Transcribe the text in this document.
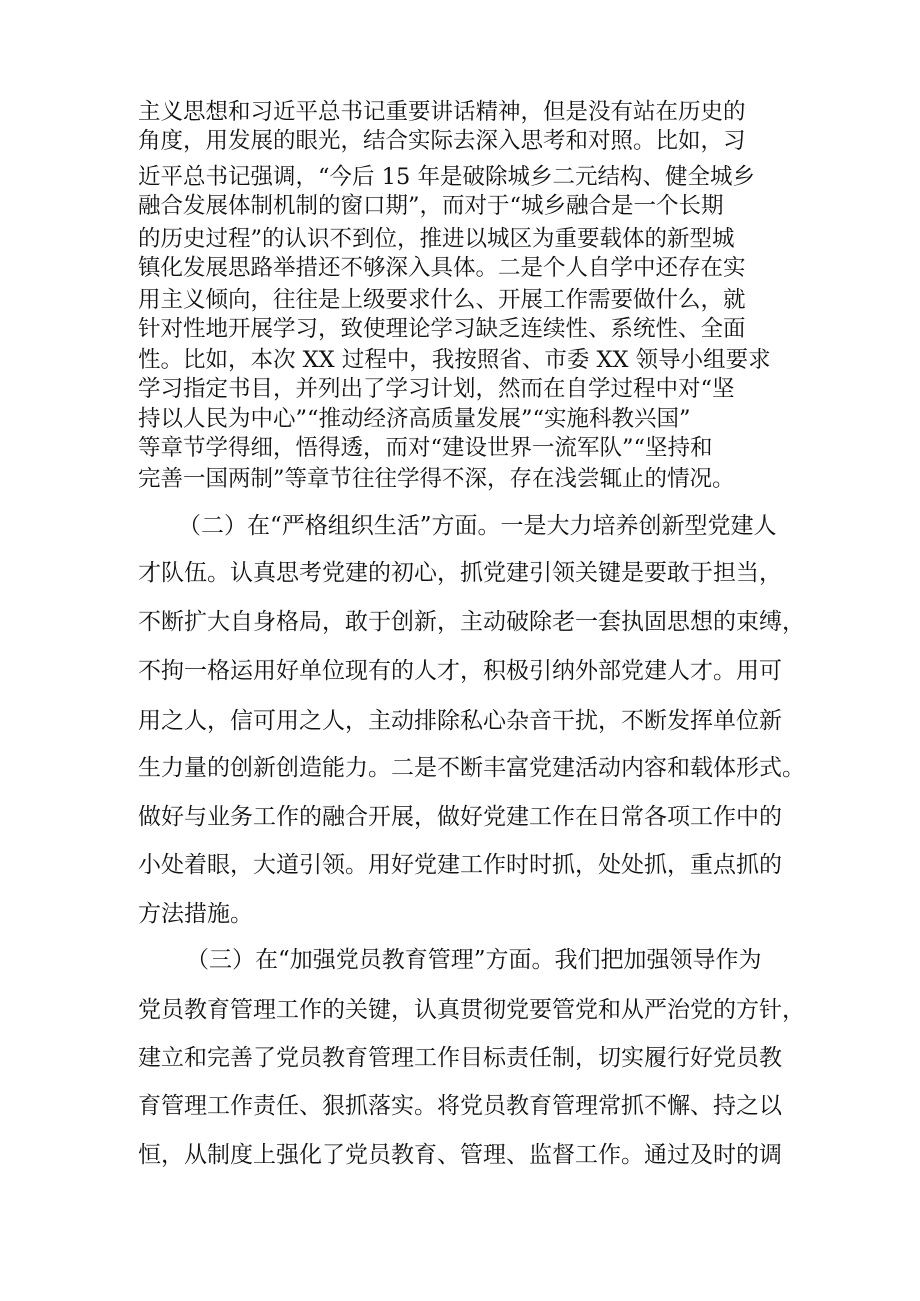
主义思想和习近平总书记重要讲话精神，但是没有站在历史的

角度，用发展的眼光，结合实际去深入思考和对照。比如，习

近平总书记强调，“今后 15 年是破除城乡二元结构、健全城乡

融合发展体制机制的窗口期”，而对于“城乡融合是一个长期

的历史过程”的认识不到位，推进以城区为重要载体的新型城

镇化发展思路举措还不够深入具体。二是个人自学中还存在实

用主义倾向，往往是上级要求什么、开展工作需要做什么，就

针对性地开展学习，致使理论学习缺乏连续性、系统性、全面

性。比如，本次 XX 过程中，我按照省、市委 XX 领导小组要求

学习指定书目，并列出了学习计划，然而在自学过程中对“坚

持以人民为中心”“推动经济高质量发展”“实施科教兴国”

等章节学得细，悟得透，而对“建设世界一流军队”“坚持和

完善一国两制”等章节往往学得不深，存在浅尝辄止的情况。

（二）在“严格组织生活”方面。一是大力培养创新型党建人

才队伍。认真思考党建的初心，抓党建引领关键是要敢于担当，

不断扩大自身格局，敢于创新，主动破除老一套执固思想的束缚，

不拘一格运用好单位现有的人才，积极引纳外部党建人才。用可

用之人，信可用之人，主动排除私心杂音干扰，不断发挥单位新

生力量的创新创造能力。二是不断丰富党建活动内容和载体形式。

做好与业务工作的融合开展，做好党建工作在日常各项工作中的

小处着眼，大道引领。用好党建工作时时抓，处处抓，重点抓的

方法措施。

（三）在“加强党员教育管理”方面。我们把加强领导作为

党员教育管理工作的关键，认真贯彻党要管党和从严治党的方针，

建立和完善了党员教育管理工作目标责任制，切实履行好党员教

育管理工作责任、狠抓落实。将党员教育管理常抓不懈、持之以

恒，从制度上强化了党员教育、管理、监督工作。通过及时的调
